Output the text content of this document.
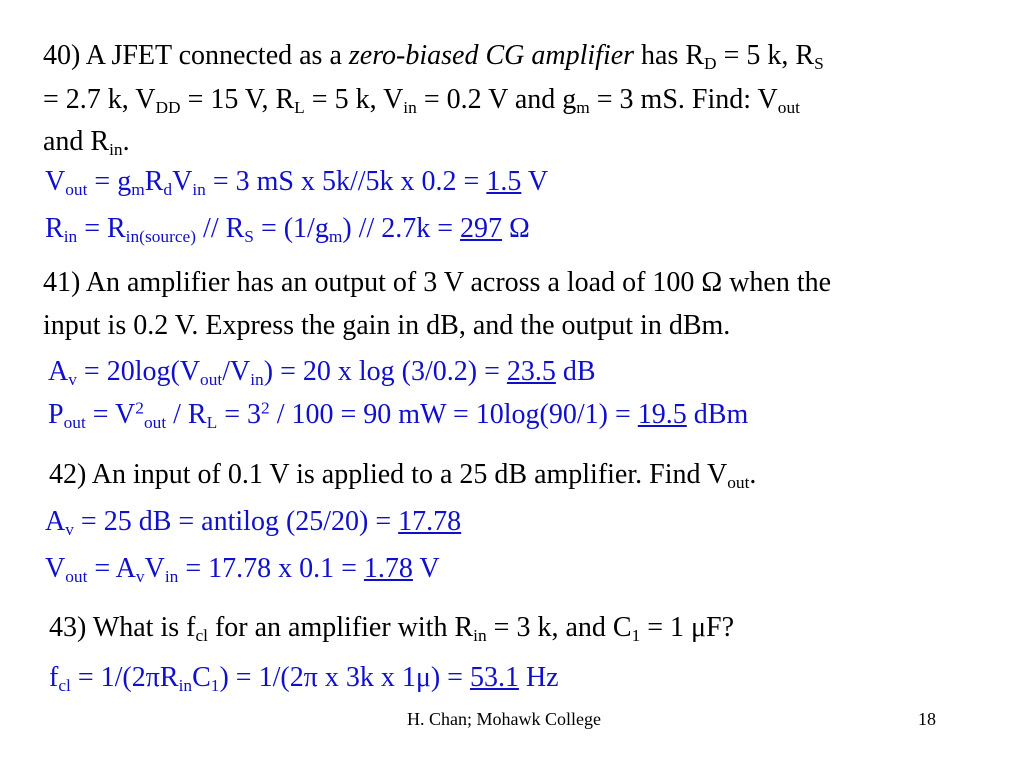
40) A JFET connected as a zero-biased CG amplifier has $R_D = 5$ k, $R_S$
= 2.7 k, $V_{DD} = 15$ V, $R_L = 5$ k, $V_{in} = 0.2$ V and $g_m = 3$ mS. Find: $V_{out}$
and $R_{in}$.
$V_{out} = g_mR_dV_{in} = 3$ mS x 5k//5k x 0.2 = 1.5 V
$R_{in} = R_{in(source)} // R_S = (1/g_m) // 2.7k = 297$ Ω
41) An amplifier has an output of 3 V across a load of 100 Ω when the
input is 0.2 V. Express the gain in dB, and the output in dBm.
$A_v = 20\log(V_{out}/V_{in}) = 20$ x log (3/0.2) = 23.5 dB
$P_{out} = V^2_{out} / R_L = 3^2 / 100 = 90$ mW = 10log(90/1) = 19.5 dBm
42) An input of 0.1 V is applied to a 25 dB amplifier. Find $V_{out}$.
$A_v = 25$ dB = antilog (25/20) = 17.78
$V_{out} = A_vV_{in} = 17.78$ x 0.1 = 1.78 V
43) What is $f_{cl}$ for an amplifier with $R_{in} = 3$ k, and $C_1 = 1$ μF?
$f_{cl} = 1/(2\pi R_{in}C_1) = 1/(2\pi$ x 3k x 1μ) = 53.1 Hz
H. Chan; Mohawk College	18
